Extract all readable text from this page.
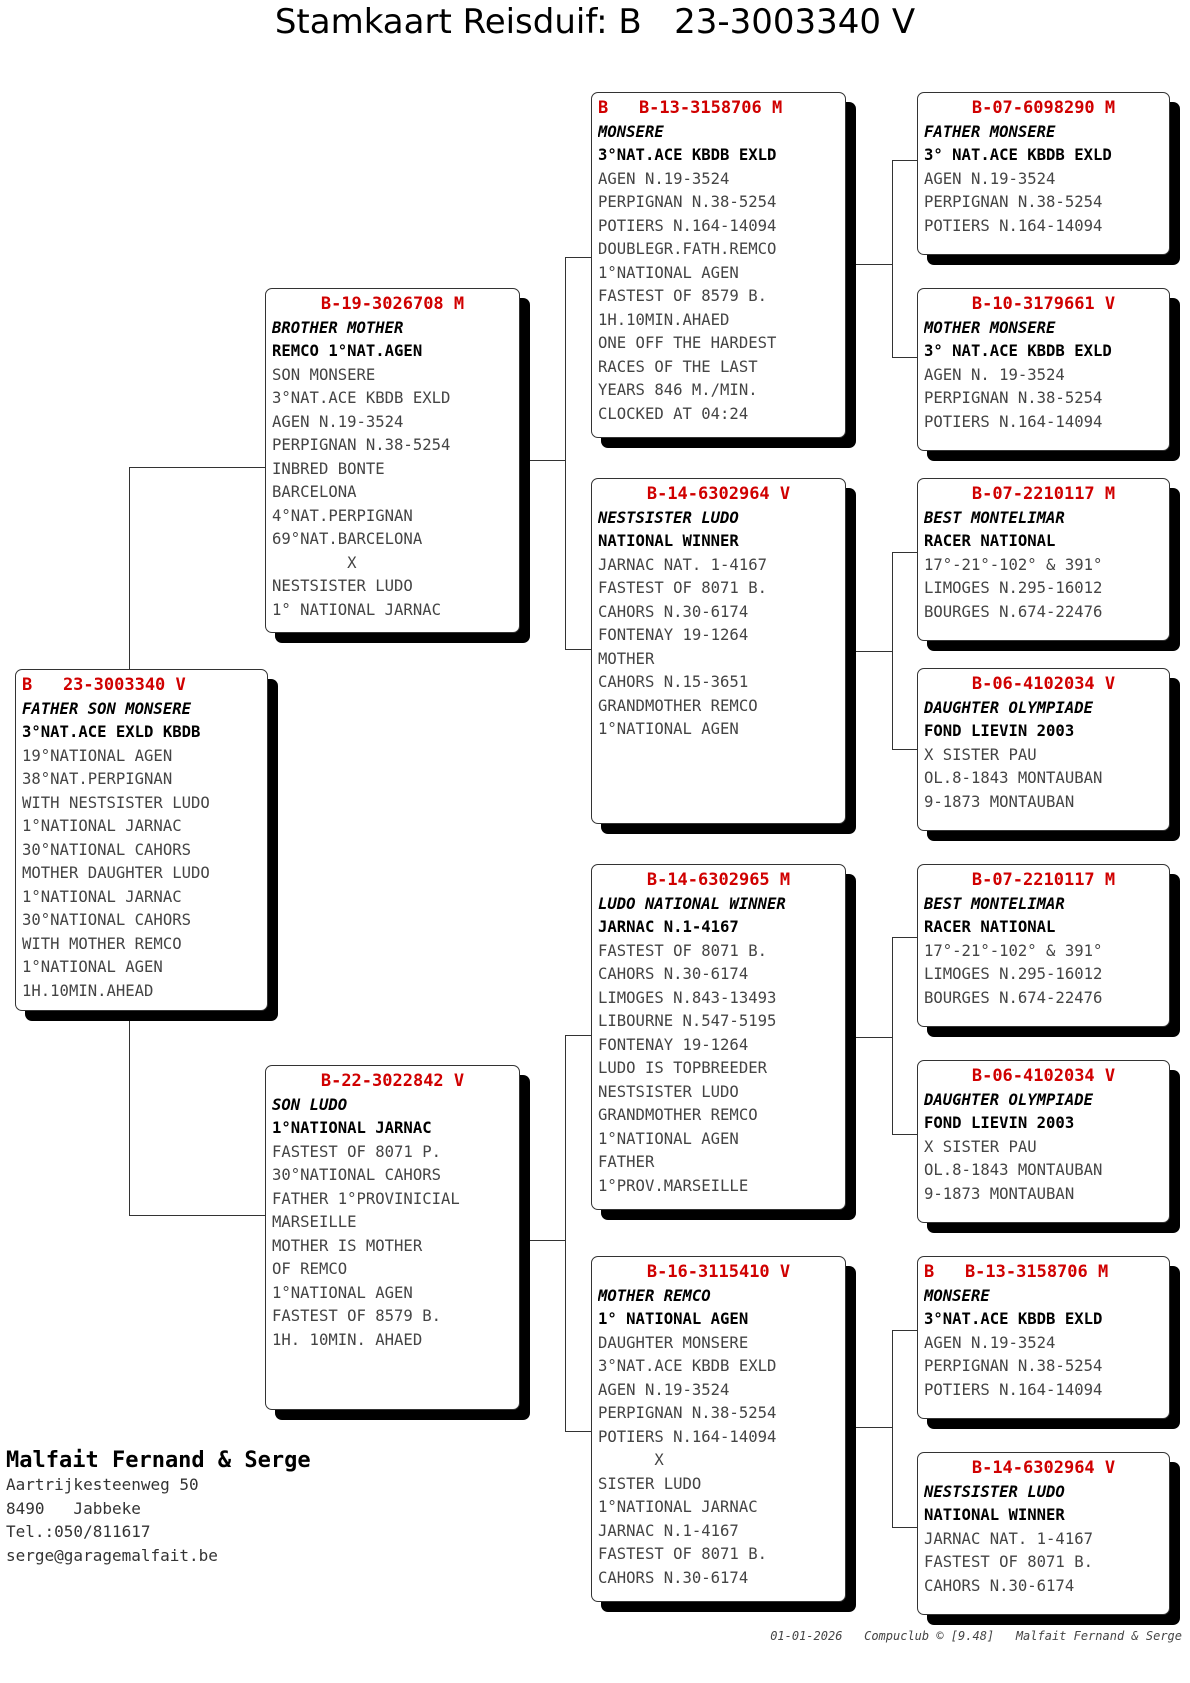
Stamkaart Reisduif: B   23-3003340 V
B   23-3003340 V
FATHER SON MONSERE
3°NAT.ACE EXLD KBDB
19°NATIONAL AGEN
38°NAT.PERPIGNAN
WITH NESTSISTER LUDO
1°NATIONAL JARNAC
30°NATIONAL CAHORS
MOTHER DAUGHTER LUDO
1°NATIONAL JARNAC
30°NATIONAL CAHORS
WITH MOTHER REMCO
1°NATIONAL AGEN
1H.10MIN.AHEAD
B-19-3026708 M
BROTHER MOTHER
REMCO 1°NAT.AGEN
SON MONSERE
3°NAT.ACE KBDB EXLD
AGEN N.19-3524
PERPIGNAN N.38-5254
INBRED BONTE
BARCELONA
4°NAT.PERPIGNAN
69°NAT.BARCELONA
X
NESTSISTER LUDO
1° NATIONAL JARNAC
B-22-3022842 V
SON LUDO
1°NATIONAL JARNAC
FASTEST OF 8071 P.
30°NATIONAL CAHORS
FATHER 1°PROVINICIAL
MARSEILLE
MOTHER IS MOTHER
OF REMCO
1°NATIONAL AGEN
FASTEST OF 8579 B.
1H. 10MIN. AHAED
B   B-13-3158706 M
MONSERE
3°NAT.ACE KBDB EXLD
AGEN N.19-3524
PERPIGNAN N.38-5254
POTIERS N.164-14094
DOUBLEGR.FATH.REMCO
1°NATIONAL AGEN
FASTEST OF 8579 B.
1H.10MIN.AHAED
ONE OFF THE HARDEST
RACES OF THE LAST
YEARS 846 M./MIN.
CLOCKED AT 04:24
B-14-6302964 V
NESTSISTER LUDO
NATIONAL WINNER
JARNAC NAT. 1-4167
FASTEST OF 8071 B.
CAHORS N.30-6174
FONTENAY 19-1264
MOTHER
CAHORS N.15-3651
GRANDMOTHER REMCO
1°NATIONAL AGEN
B-14-6302965 M
LUDO NATIONAL WINNER
JARNAC N.1-4167
FASTEST OF 8071 B.
CAHORS N.30-6174
LIMOGES N.843-13493
LIBOURNE N.547-5195
FONTENAY 19-1264
LUDO IS TOPBREEDER
NESTSISTER LUDO
GRANDMOTHER REMCO
1°NATIONAL AGEN
FATHER
1°PROV.MARSEILLE
B-16-3115410 V
MOTHER REMCO
1° NATIONAL AGEN
DAUGHTER MONSERE
3°NAT.ACE KBDB EXLD
AGEN N.19-3524
PERPIGNAN N.38-5254
POTIERS N.164-14094
X
SISTER LUDO
1°NATIONAL JARNAC
JARNAC N.1-4167
FASTEST OF 8071 B.
CAHORS N.30-6174
B-07-6098290 M
FATHER MONSERE
3° NAT.ACE KBDB EXLD
AGEN N.19-3524
PERPIGNAN N.38-5254
POTIERS N.164-14094
B-10-3179661 V
MOTHER MONSERE
3° NAT.ACE KBDB EXLD
AGEN N. 19-3524
PERPIGNAN N.38-5254
POTIERS N.164-14094
B-07-2210117 M
BEST MONTELIMAR
RACER NATIONAL
17°-21°-102° & 391°
LIMOGES N.295-16012
BOURGES N.674-22476
B-06-4102034 V
DAUGHTER OLYMPIADE
FOND LIEVIN 2003
X SISTER PAU
OL.8-1843 MONTAUBAN
9-1873 MONTAUBAN
B-07-2210117 M
BEST MONTELIMAR
RACER NATIONAL
17°-21°-102° & 391°
LIMOGES N.295-16012
BOURGES N.674-22476
B-06-4102034 V
DAUGHTER OLYMPIADE
FOND LIEVIN 2003
X SISTER PAU
OL.8-1843 MONTAUBAN
9-1873 MONTAUBAN
B   B-13-3158706 M
MONSERE
3°NAT.ACE KBDB EXLD
AGEN N.19-3524
PERPIGNAN N.38-5254
POTIERS N.164-14094
B-14-6302964 V
NESTSISTER LUDO
NATIONAL WINNER
JARNAC NAT. 1-4167
FASTEST OF 8071 B.
CAHORS N.30-6174
Malfait Fernand & Serge
Aartrijkesteenweg 50
8490   Jabbeke
Tel.:050/811617
serge@garagemalfait.be
01-01-2026   Compuclub © [9.48]   Malfait Fernand & Serge
